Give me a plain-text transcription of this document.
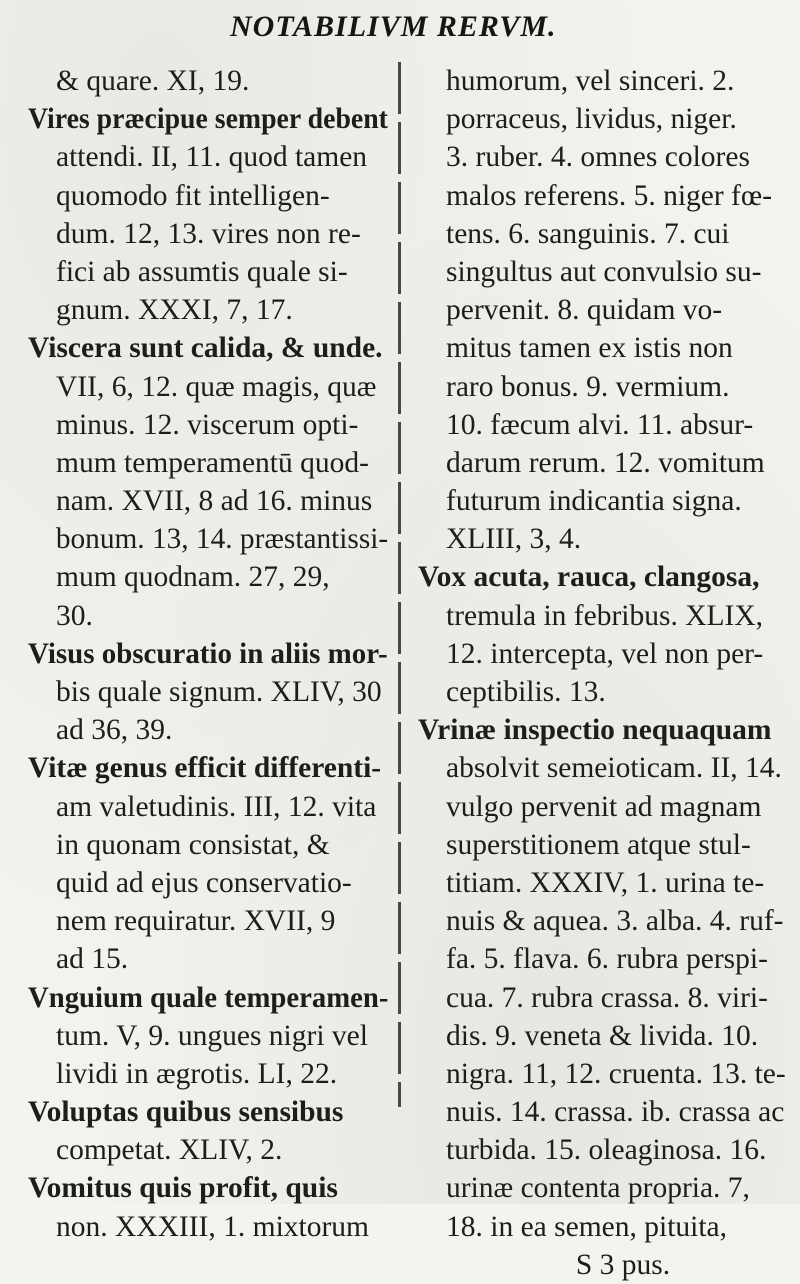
NOTABILIVM RERVM.
& quare. XI, 19.
Vires præcipue semper debent
attendi. II, 11. quod tamen
quomodo fit intelligen-
dum. 12, 13. vires non re-
fici ab assumtis quale si-
gnum. XXXI, 7, 17.
Viscera sunt calida, & unde.
VII, 6, 12. quæ magis, quæ
minus. 12. viscerum opti-
mum temperamentū quod-
nam. XVII, 8 ad 16. minus
bonum. 13, 14. præstantissi-
mum quodnam. 27, 29,
30.
Visus obscuratio in aliis mor-
bis quale signum. XLIV, 30
ad 36, 39.
Vitæ genus efficit differenti-
am valetudinis. III, 12. vita
in quonam consistat, &
quid ad ejus conservatio-
nem requiratur. XVII, 9
ad 15.
Vnguium quale temperamen-
tum. V, 9. ungues nigri vel
lividi in ægrotis. LI, 22.
Voluptas quibus sensibus
competat. XLIV, 2.
Vomitus quis profit, quis
non. XXXIII, 1. mixtorum
humorum, vel sinceri. 2.
porraceus, lividus, niger.
3. ruber. 4. omnes colores
malos referens. 5. niger fœ-
tens. 6. sanguinis. 7. cui
singultus aut convulsio su-
pervenit. 8. quidam vo-
mitus tamen ex istis non
raro bonus. 9. vermium.
10. fæcum alvi. 11. absur-
darum rerum. 12. vomitum
futurum indicantia signa.
XLIII, 3, 4.
Vox acuta, rauca, clangosa,
tremula in febribus. XLIX,
12. intercepta, vel non per-
ceptibilis. 13.
Vrinæ inspectio nequaquam
absolvit semeioticam. II, 14.
vulgo pervenit ad magnam
superstitionem atque stul-
titiam. XXXIV, 1. urina te-
nuis & aquea. 3. alba. 4. ruf-
fa. 5. flava. 6. rubra perspi-
cua. 7. rubra crassa. 8. viri-
dis. 9. veneta & livida. 10.
nigra. 11, 12. cruenta. 13. te-
nuis. 14. crassa. ib. crassa ac
turbida. 15. oleaginosa. 16.
urinæ contenta propria. 7,
18. in ea semen, pituita,
S 3 pus.
